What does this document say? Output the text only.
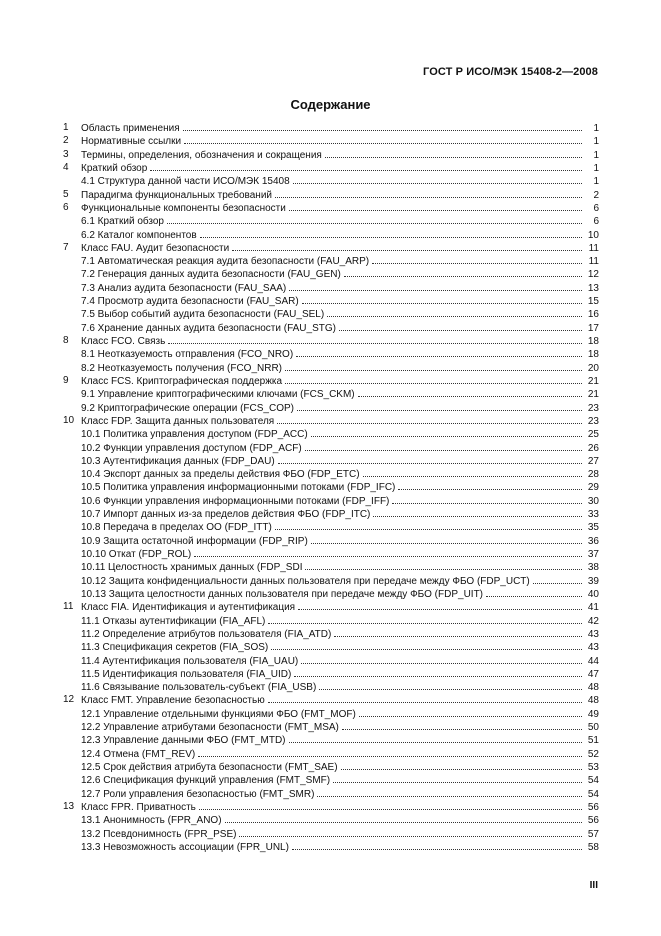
ГОСТ Р ИСО/МЭК 15408-2—2008
Содержание
1	Область применения	1
2	Нормативные ссылки	1
3	Термины, определения, обозначения и сокращения	1
4	Краткий обзор	1
4.1 Структура данной части ИСО/МЭК 15408	1
5	Парадигма функциональных требований	2
6	Функциональные компоненты безопасности	6
6.1 Краткий обзор	6
6.2 Каталог компонентов	10
7	Класс FAU. Аудит безопасности	11
7.1 Автоматическая реакция аудита безопасности (FAU_ARP)	11
7.2 Генерация данных аудита безопасности (FAU_GEN)	12
7.3 Анализ аудита безопасности (FAU_SAA)	13
7.4 Просмотр аудита безопасности (FAU_SAR)	15
7.5 Выбор событий аудита безопасности (FAU_SEL)	16
7.6 Хранение данных аудита безопасности (FAU_STG)	17
8	Класс FCO. Связь	18
8.1 Неотказуемость отправления (FCO_NRO)	18
8.2 Неотказуемость получения (FCO_NRR)	20
9	Класс FCS. Криптографическая поддержка	21
9.1 Управление криптографическими ключами (FCS_CKM)	21
9.2 Криптографические операции (FCS_COP)	23
10 Класс FDP. Защита данных пользователя	23
10.1 Политика управления доступом (FDP_ACC)	25
10.2 Функции управления доступом (FDP_ACF)	26
10.3 Аутентификация данных (FDP_DAU)	27
10.4 Экспорт данных за пределы действия ФБО (FDP_ETC)	28
10.5 Политика управления информационными потоками (FDP_IFC)	29
10.6 Функции управления информационными потоками (FDP_IFF)	30
10.7 Импорт данных из-за пределов действия ФБО (FDP_ITC)	33
10.8 Передача в пределах ОО (FDP_ITT)	35
10.9 Защита остаточной информации (FDP_RIP)	36
10.10 Откат (FDP_ROL)	37
10.11 Целостность хранимых данных (FDP_SDI	38
10.12 Защита конфиденциальности данных пользователя при передаче между ФБО (FDP_UCT)	39
10.13 Защита целостности данных пользователя при передаче между ФБО (FDP_UIT)	40
11 Класс FIA. Идентификация и аутентификация	41
11.1 Отказы аутентификации (FIA_AFL)	42
11.2 Определение атрибутов пользователя (FIA_ATD)	43
11.3 Спецификация секретов (FIA_SOS)	43
11.4 Аутентификация пользователя (FIA_UAU)	44
11.5 Идентификация пользователя (FIA_UID)	47
11.6 Связывание пользователь-субъект (FIA_USB)	48
12 Класс FMT. Управление безопасностью	48
12.1 Управление отдельными функциями ФБО (FMT_MOF)	49
12.2 Управление атрибутами безопасности (FMT_MSA)	50
12.3 Управление данными ФБО (FMT_MTD)	51
12.4 Отмена (FMT_REV)	52
12.5 Срок действия атрибута безопасности (FMT_SAE)	53
12.6 Спецификация функций управления (FMT_SMF)	54
12.7 Роли управления безопасностью (FMT_SMR)	54
13 Класс FPR. Приватность	56
13.1 Анонимность (FPR_ANO)	56
13.2 Псевдонимность (FPR_PSE)	57
13.3 Невозможность ассоциации (FPR_UNL)	58
III
